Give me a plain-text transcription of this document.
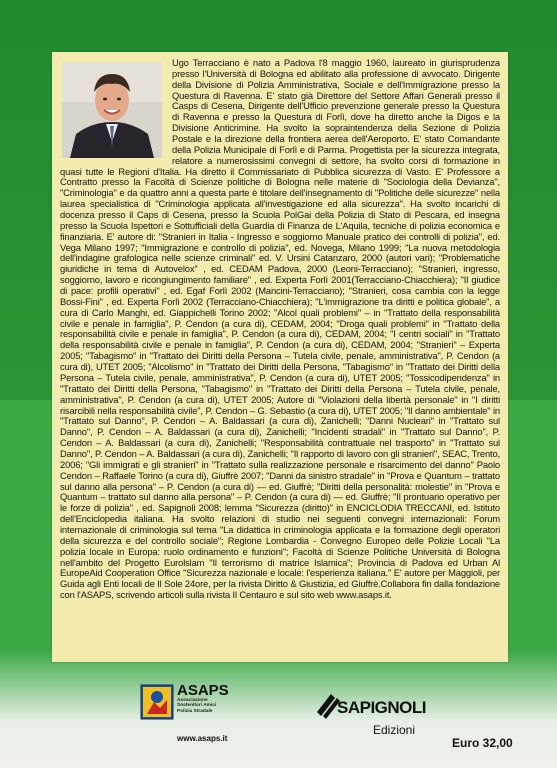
Ugo Terracciano è nato a Padova l'8 maggio 1960, laureato in giurisprudenza presso l'Università di Bologna ed abilitato alla professione di avvocato. Dirigente della Divisione di Polizia Amministrativa, Sociale e dell'Immigrazione presso la Questura di Ravenna. E' stato già Direttore del Settore Affari Generali presso il Casps di Cesena, Dirigente dell'Ufficio prevenzione generale presso la Questura di Ravenna e presso la Questura di Forlì, dove ha diretto anche la Digos e la Divisione Anticrimine. Ha svolto la sopraintendenza della Sezione di Polizia Postale e la direzione della frontiera aerea dell'Aeroporto. E' stato Comandante della Polizia Municipale di Forlì e di Parma. Progettista per la sicurezza integrata, relatore a numerosissimi convegni di settore, ha svolto corsi di formazione in quasi tutte le Regioni d'Italia. Ha diretto il Commissariato di Pubblica sicurezza di Vasto. E' Professore a Contratto presso la Facoltà di Scienze politiche di Bologna nelle materie di "Sociologia della Devianza", "Criminologia" e da quattro anni a questa parte è titolare dell'insegnamento di "Politiche delle sicurezze" nella laurea specialistica di "Criminologia applicata all'investigazione ed alla sicurezza". Ha svolto incarichi di docenza presso il Caps di Cesena, presso la Scuola PolGai della Polizia di Stato di Pescara, ed insegna presso la Scuola Ispettori e Sottufficiali della Guardia di Finanza de L'Aquila, tecniche di polizia economica e finanziaria. E' autore di: "Stranieri in Italia - Ingresso e soggiorno Manuale pratico dei controlli di polizia", ed. Vega Milano 1997; "Immigrazione e controllo di polizia", ed. Novega, Milano 1999; "La nuova metodologia dell'indagine grafologica nelle scienze criminali" ed. V. Ursini Catanzaro, 2000 (autori vari); "Problematiche giuridiche in tema di Autovelox" , ed. CEDAM Padova, 2000 (Leoni-Terracciano); "Stranieri, ingresso, soggiorno, lavoro e ricongiungimento familiare" , ed. Experta Forlì 2001(Terracciano-Chiacchiera); "Il giudice di pace: profili operativi" , ed. Egaf Forlì 2002 (Mancini-Terracciano); "Stranieri, cosa cambia con la legge Bossi-Fini" , ed. Experta Forlì 2002 (Terracciano-Chiacchiera); "L'immigrazione tra diritti e politica globale", a cura di Carlo Manghi, ed. Giappichelli Torino 2002; "Alcol quali problemi" – in "Trattato della responsabilità civile e penale in famiglia", P. Cendon (a cura di), CEDAM, 2004; "Droga quali problemi" in "Trattato della responsabilità civile e penale in famiglia", P. Cendon (a cura di), CEDAM, 2004; "I centri sociali" in "Trattato della responsabilità civile e penale in famiglia", P. Cendon (a cura di), CEDAM, 2004; "Stranieri" – Experta 2005; "Tabagismo" in "Trattato dei Diritti della Persona – Tutela civile, penale, amministrativa", P. Cendon (a cura di), UTET 2005; "Alcolismo" in "Trattato dei Diritti della Persona, "Tabagismo" in "Trattato dei Diritti della Persona – Tutela civile, penale, amministrativa", P. Cendon (a cura di), UTET 2005; "Tossicodipendenza" in "Trattato dei Diritti della Persona, "Tabagismo" in "Trattato dei Diritti della Persona – Tutela civile, penale, amministrativa", P. Cendon (a cura di), UTET 2005; Autore di "Violazioni della libertà personale" in "I diritti risarcibili nella responsabilità civile", P. Cendon – G. Sebastio (a cura di), UTET 2005; "Il danno ambientale" in "Trattato sul Danno", P. Cendon – A. Baldassari (a cura di), Zanichelli; "Danni Nucleari" in "Trattato sul Danno", P. Cendon – A. Baldassari (a cura di), Zanichelli; "Incidenti stradali" in "Trattato sul Danno", P. Cendon – A. Baldassari (a cura di), Zanichelli; "Responsabilità contrattuale nel trasporto" in "Trattato sul Danno", P. Cendon – A. Baldassari (a cura di), Zanichelli; "Il rapporto di lavoro con gli stranieri", SEAC, Trento, 2006; "Gli immigrati e gli stranieri" in "Trattato sulla realizzazione personale e risarcimento del danno" Paolo Cendon – Raffaele Torino (a cura di), Giuffrè 2007; "Danni da sinistro stradale" in "Prova e Quantum – trattato sul danno alla persona" – P. Cendon (a cura di) — ed. Giuffrè; "Diritti della personalità: molestie" in "Prova e Quantum – trattato sul danno alla persona" – P. Cendon (a cura di) — ed. Giuffrè; "Il prontuario operativo per le forze di polizia" , ed. Sapignoli 2008; lemma "Sicurezza (diritto)" in ENCICLODIA TRECCANI, ed. Istituto dell'Enciclopedia italiana. Ha svolto relazioni di studio nei seguenti convegni internazionali: Forum internazionale di criminologia sul tema "La didattica in criminologia applicata e la formazione degli operatori della sicurezza e del controllo sociale"; Regione Lombardia - Convegno Europeo delle Polizie Locali "La polizia locale in Europa: ruolo ordinamento e funzioni"; Facoltà di Scienze Politiche Università di Bologna nell'ambito del Progetto Eurolslam "Il terrorismo di matrice Islamica"; Provincia di Padova ed Urban Al EuropeAid Cooperation Office "Sicurezza nazionale e locale: l'esperienza italiana." E' autore per Maggioli, per Guida agli Enti locali de Il Sole 24ore, per la rivista Diritto & Giustizia, ed Giuffrè.Collabora fin dalla fondazione con l'ASAPS, scrivendo articoli sulla rivista Il Centauro e sul sito web www.asaps.it.
ASAPS
Associazione Sostenitori Amici Polizia Stradale
www.asaps.it
SAPIGNOLI
Edizioni
Euro 32,00
